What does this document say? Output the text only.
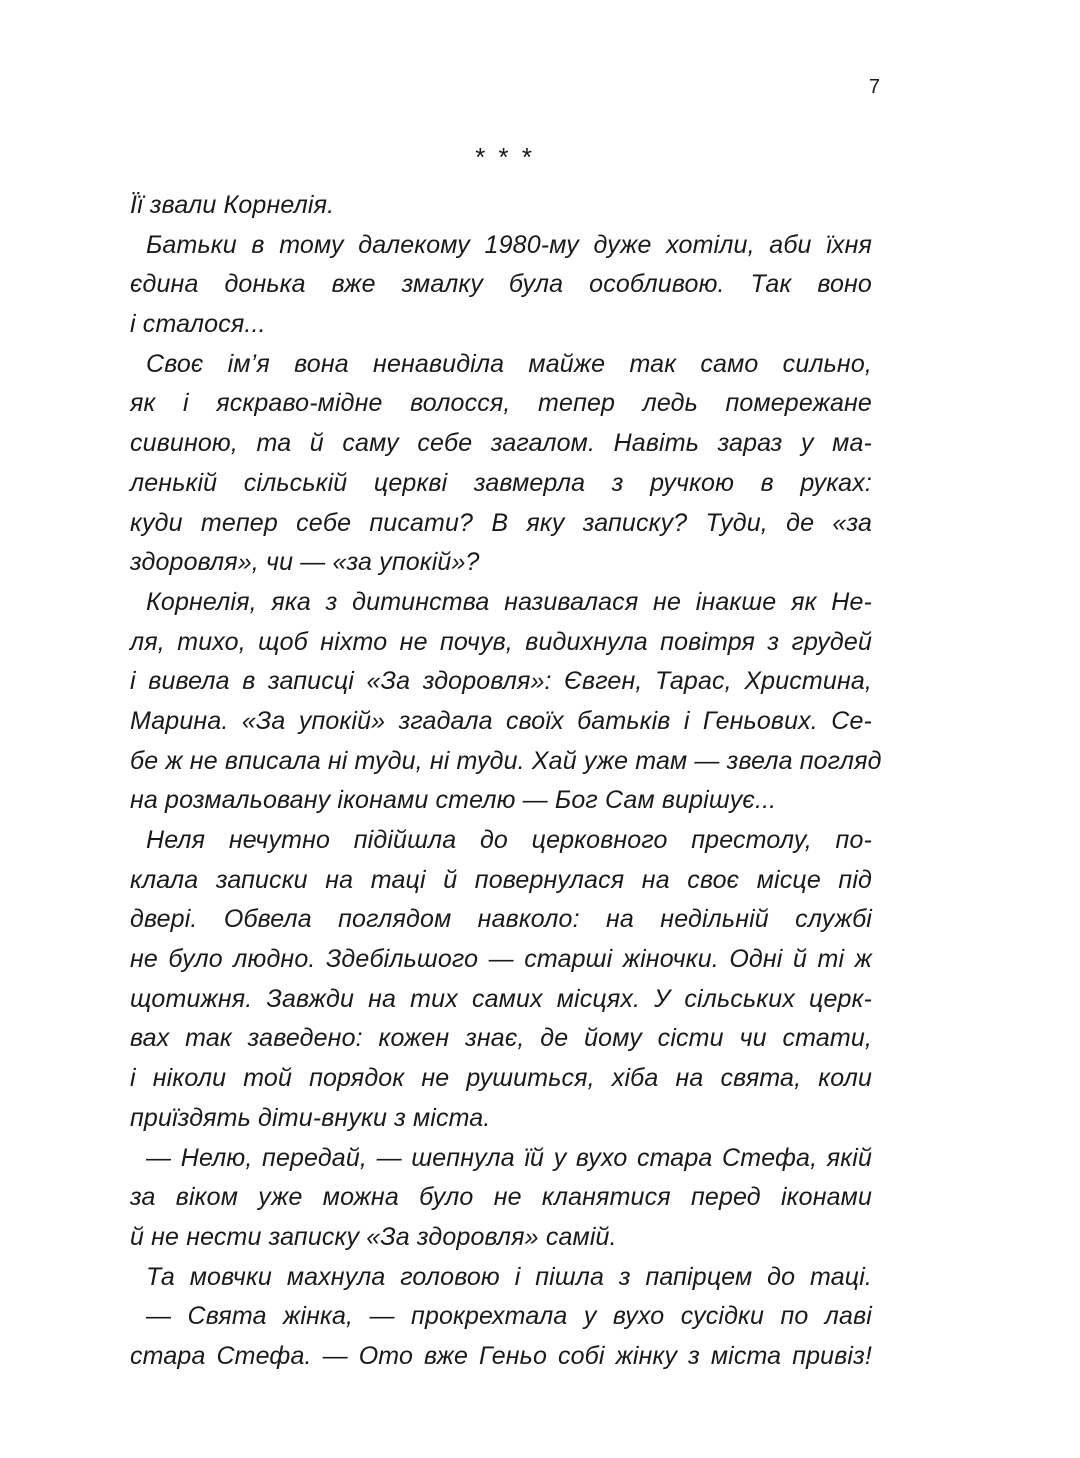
7
* * *
Її звали Корнелія.
Батьки в тому далекому 1980-му дуже хотіли, аби їхня
єдина донька вже змалку була особливою. Так воно
і сталося...
Своє ім’я вона ненавиділа майже так само сильно,
як і яскраво-мідне волосся, тепер ледь помережане
сивиною, та й саму себе загалом. Навіть зараз у ма-
ленькій сільській церкві завмерла з ручкою в руках:
куди тепер себе писати? В яку записку? Туди, де «за
здоровля», чи — «за упокій»?
Корнелія, яка з дитинства називалася не інакше як Не-
ля, тихо, щоб ніхто не почув, видихнула повітря з грудей
і вивела в записці «За здоровля»: Євген, Тарас, Христина,
Марина. «За упокій» згадала своїх батьків і Геньових. Се-
бе ж не вписала ні туди, ні туди. Хай уже там — звела погляд
на розмальовану іконами стелю — Бог Сам вирішує...
Неля нечутно підійшла до церковного престолу, по-
клала записки на таці й повернулася на своє місце під
двері. Обвела поглядом навколо: на недільній службі
не було людно. Здебільшого — старші жіночки. Одні й ті ж
щотижня. Завжди на тих самих місцях. У сільських церк-
вах так заведено: кожен знає, де йому сісти чи стати,
і ніколи той порядок не рушиться, хіба на свята, коли
приїздять діти-внуки з міста.
— Нелю, передай, — шепнула їй у вухо стара Стефа, якій
за віком уже можна було не кланятися перед іконами
й не нести записку «За здоровля» самій.
Та мовчки махнула головою і пішла з папірцем до таці.
— Свята жінка, — прокрехтала у вухо сусідки по лаві
стара Стефа. — Ото вже Геньо собі жінку з міста привіз!
